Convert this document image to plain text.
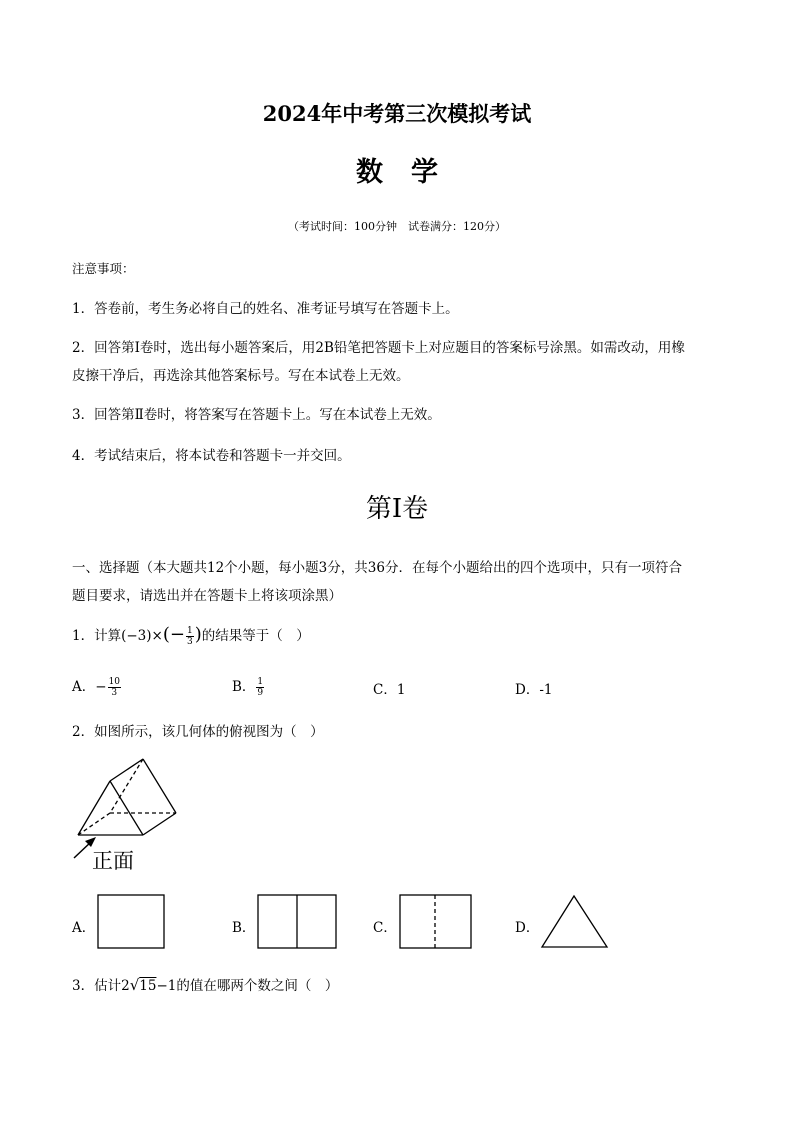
2024年中考第三次模拟考试
数学
（考试时间：100分钟　试卷满分：120分）
注意事项：
1．答卷前，考生务必将自己的姓名、准考证号填写在答题卡上。
2．回答第Ⅰ卷时，选出每小题答案后，用2B铅笔把答题卡上对应题目的答案标号涂黑。如需改动，用橡
皮擦干净后，再选涂其他答案标号。写在本试卷上无效。
3．回答第Ⅱ卷时，将答案写在答题卡上。写在本试卷上无效。
4．考试结束后，将本试卷和答题卡一并交回。
第Ⅰ卷
一、选择题（本大题共12个小题，每小题3分，共36分．在每个小题给出的四个选项中，只有一项符合
题目要求，请选出并在答题卡上将该项涂黑）
1．计算$(-3)\times(- \frac{1}{3}$ )的结果等于（　）
A．− $\frac{10}{3}$	B． $\frac{1}{9}$	C．1	D．-1
2．如图所示，该几何体的俯视图为（　）
正面
A．	B．	C．	D．
3．估计2√15−1的值在哪两个数之间（　）
